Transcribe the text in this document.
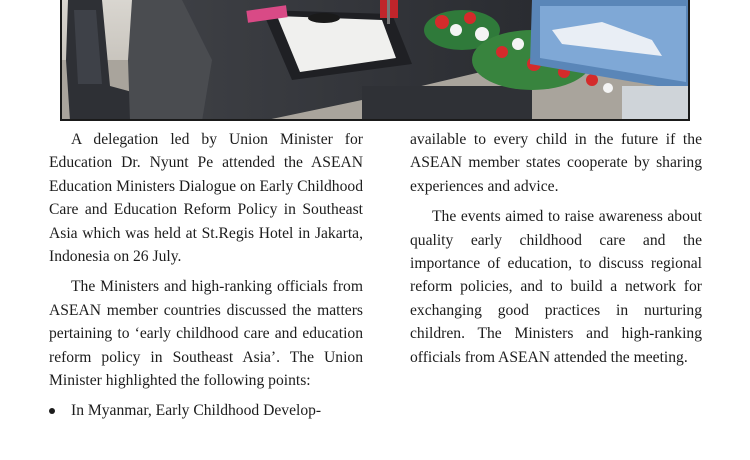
A delegation led by Union Minister for Education Dr. Nyunt Pe attended the ASEAN Education Ministers Dialogue on Early Childhood Care and Education Reform Policy in Southeast Asia which was held at St.Regis Hotel in Jakarta, Indonesia on 26 July.

The Ministers and high-ranking officials from ASEAN member countries discussed the matters pertaining to ‘early childhood care and education reform policy in Southeast Asia’. The Union Minister highlighted the following points:

In Myanmar, Early Childhood Develop-

available to every child in the future if the ASEAN member states cooperate by sharing experiences and advice.

The events aimed to raise awareness about quality early childhood care and the importance of education, to discuss regional reform policies, and to build a network for exchanging good practices in nurturing children. The Ministers and high-ranking officials from ASEAN attended the meeting.
